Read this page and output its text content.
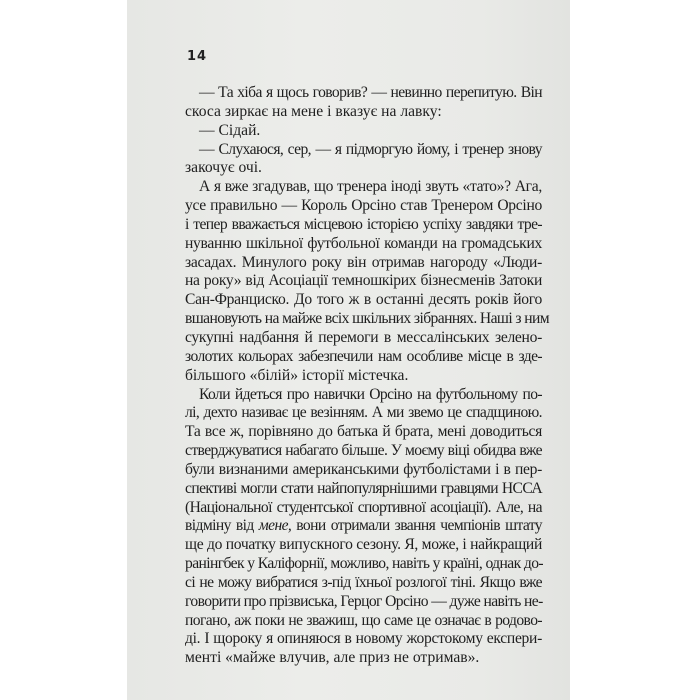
14
— Та хіба я щось говорив? — невинно перепитую. Він
скоса зиркає на мене і вказує на лавку:
— Сідай.
— Слухаюся, сер, — я підморгую йому, і тренер знову
закочує очі.
А я вже згадував, що тренера іноді звуть «тато»? Ага,
усе правильно — Король Орсіно став Тренером Орсіно
і тепер вважається місцевою історією успіху завдяки тре-
нуванню шкільної футбольної команди на громадських
засадах. Минулого року він отримав нагороду «Люди-
на року» від Асоціації темношкірих бізнесменів Затоки
Сан-Франциско. До того ж в останні десять років його
вшановують на майже всіх шкільних зібраннях. Наші з ним
сукупні надбання й перемоги в мессалінських зелено-
золотих кольорах забезпечили нам особливе місце в зде-
більшого «білій» історії містечка.
Коли йдеться про навички Орсіно на футбольному по-
лі, дехто називає це везінням. А ми звемо це спадщиною.
Та все ж, порівняно до батька й брата, мені доводиться
стверджуватися набагато більше. У моєму віці обидва вже
були визнаними американськими футболістами і в пер-
спективі могли стати найпопулярнішими гравцями НССА
(Національної студентської спортивної асоціації). Але, на
відміну від мене, вони отримали звання чемпіонів штату
ще до початку випускного сезону. Я, може, і найкращий
ранінгбек у Каліфорнії, можливо, навіть у країні, однак до-
сі не можу вибратися з-під їхньої розлогої тіні. Якщо вже
говорити про прізвиська, Герцог Орсіно — дуже навіть не-
погано, аж поки не зважиш, що саме це означає в родово-
ді. І щороку я опиняюся в новому жорстокому експери-
менті «майже влучив, але приз не отримав».
